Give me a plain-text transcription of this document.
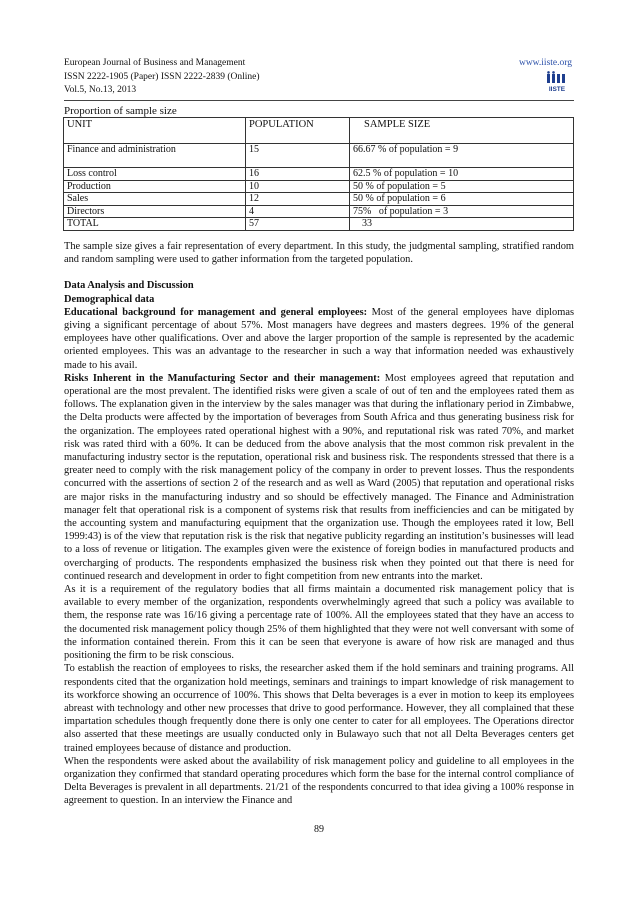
European Journal of Business and Management
ISSN 2222-1905 (Paper) ISSN 2222-2839 (Online)
Vol.5, No.13, 2013
www.iiste.org
IISTE
Proportion of sample size
UNIT	POPULATION	SAMPLE SIZE
Finance and administration	15	66.67 % of population = 9
Loss control	16	62.5 % of population = 10
Production	10	50 % of population = 5
Sales	12	50 % of population = 6
Directors	4	75%   of population = 3
TOTAL	57	33

The sample size gives a fair representation of every department. In this study, the judgmental sampling, stratified random and random sampling were used to gather information from the targeted population.

Data Analysis and Discussion

Demographical data

Educational background for management and general employees: Most of the general employees have diplomas giving a significant percentage of about 57%. Most managers have degrees and masters degrees. 19% of the general employees have other qualifications. Over and above the larger proportion of the sample is represented by the academic oriented employees. This was an advantage to the researcher in such a way that information needed was exhaustively made to his avail.

Risks Inherent in the Manufacturing Sector and their management: Most employees agreed that reputation and operational are the most prevalent. The identified risks were given a scale of out of ten and the employees rated them as follows. The explanation given in the interview by the sales manager was that during the inflationary period in Zimbabwe, the Delta products were affected by the importation of beverages from South Africa and thus generating business risk for the organization. The employees rated operational highest with a 90%, and reputational risk was rated 70%, and market risk was rated third with a 60%. It can be deduced from the above analysis that the most common risk prevalent in the manufacturing industry sector is the reputation, operational risk and business risk. The respondents stressed that there is a greater need to comply with the risk management policy of the company in order to prevent losses. Thus the respondents concurred with the assertions of section 2 of the research and as well as Ward (2005) that reputation and operational risks are major risks in the manufacturing industry and so should be effectively managed. The Finance and Administration manager felt that operational risk is a component of systems risk that results from inefficiencies and can be mitigated by the accounting system and manufacturing equipment that the organization use. Though the employees rated it low, Bell 1999:43) is of the view that reputation risk is the risk that negative publicity regarding an institution’s businesses will lead to a loss of revenue or litigation. The examples given were the existence of foreign bodies in manufactured products and overcharging of products. The respondents emphasized the business risk when they pointed out that there is need for continued research and development in order to fight competition from new entrants into the market.

As it is a requirement of the regulatory bodies that all firms maintain a documented risk management policy that is available to every member of the organization, respondents overwhelmingly agreed that such a policy was available to them, the response rate was 16/16 giving a percentage rate of 100%. All the employees stated that they have an access to the documented risk management policy though 25% of them highlighted that they were not well conversant with some of the information contained therein. From this it can be seen that everyone is aware of how risk are managed and thus positioning the firm to be risk conscious.

To establish the reaction of employees to risks, the researcher asked them if the hold seminars and training programs. All respondents cited that the organization hold meetings, seminars and trainings to impart knowledge of risk management to its workforce showing an occurrence of 100%. This shows that Delta beverages is a ever in motion to keep its employees abreast with technology and other new processes that drive to good performance. However, they all complained that these impartation schedules though frequently done there is only one center to cater for all employees. The Operations director also asserted that these meetings are usually conducted only in Bulawayo such that not all Delta Beverages centers get trained employees because of distance and production.

When the respondents were asked about the availability of risk management policy and guideline to all employees in the organization they confirmed that standard operating procedures which form the base for the internal control compliance of Delta Beverages is prevalent in all departments. 21/21 of the respondents concurred to that idea giving a 100% response in agreement to question. In an interview the Finance and

89
